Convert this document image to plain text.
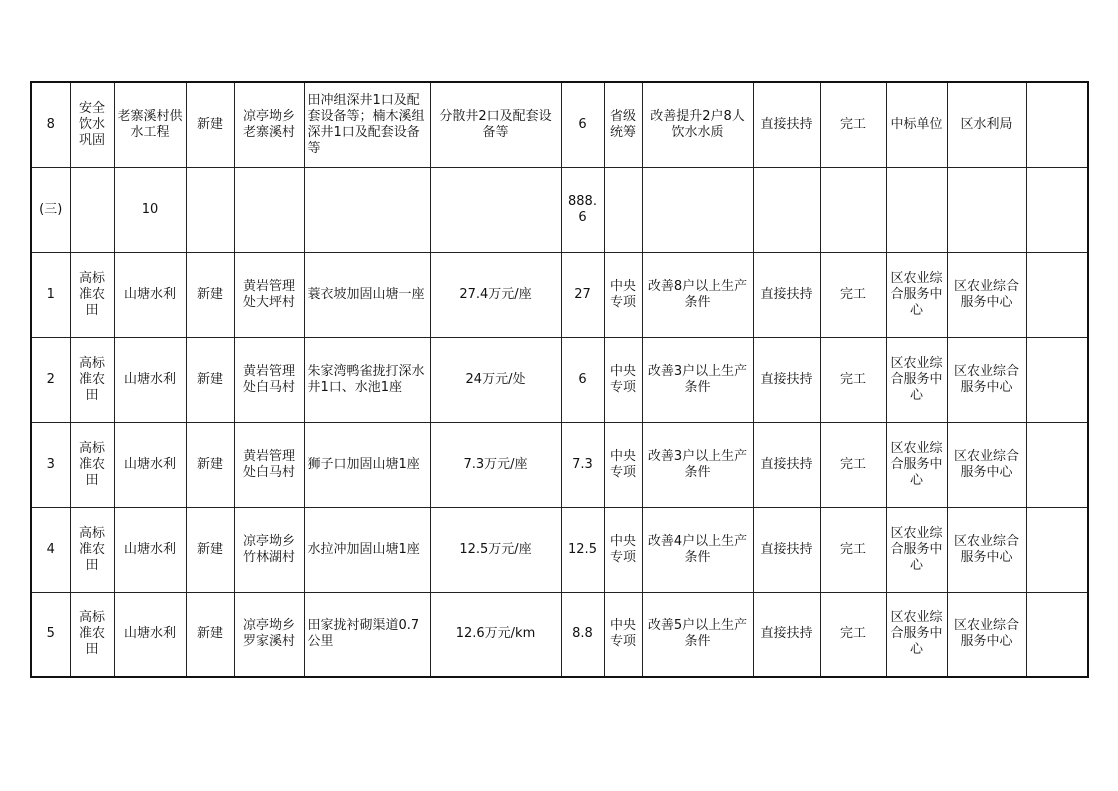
8	安全饮水巩固	老寨溪村供水工程	新建	凉亭坳乡老寨溪村	田冲组深井1口及配套设备等；楠木溪组深井1口及配套设备等	分散井2口及配套设备等	6	省级统筹	改善提升2户8人饮水水质	直接扶持	完工	中标单位	区水利局	
(三)		10					888.6							
1	高标准农田	山塘水利	新建	黄岩管理处大坪村	蓑衣坡加固山塘一座	27.4万元/座	27	中央专项	改善8户以上生产条件	直接扶持	完工	区农业综合服务中心	区农业综合服务中心	
2	高标准农田	山塘水利	新建	黄岩管理处白马村	朱家湾鸭雀拢打深水井1口、水池1座	24万元/处	6	中央专项	改善3户以上生产条件	直接扶持	完工	区农业综合服务中心	区农业综合服务中心	
3	高标准农田	山塘水利	新建	黄岩管理处白马村	狮子口加固山塘1座	7.3万元/座	7.3	中央专项	改善3户以上生产条件	直接扶持	完工	区农业综合服务中心	区农业综合服务中心	
4	高标准农田	山塘水利	新建	凉亭坳乡竹林湖村	水拉冲加固山塘1座	12.5万元/座	12.5	中央专项	改善4户以上生产条件	直接扶持	完工	区农业综合服务中心	区农业综合服务中心	
5	高标准农田	山塘水利	新建	凉亭坳乡罗家溪村	田家拢衬砌渠道0.7公里	12.6万元/km	8.8	中央专项	改善5户以上生产条件	直接扶持	完工	区农业综合服务中心	区农业综合服务中心	
